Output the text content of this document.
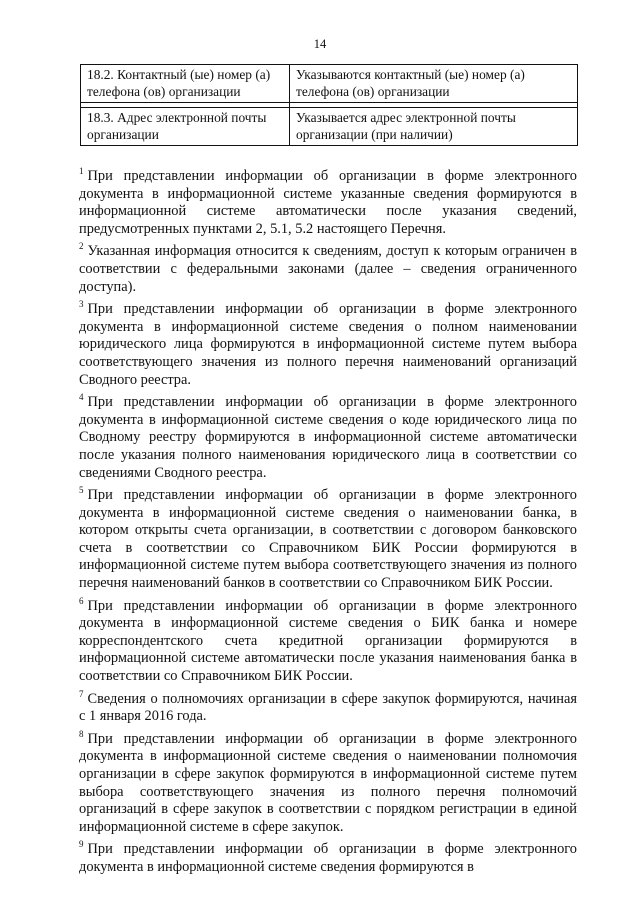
14
18.2. Контактный (ые) номер (а) телефона (ов) организации	Указываются контактный (ые) номер (а) телефона (ов) организации

18.3. Адрес электронной почты организации	Указывается адрес электронной почты организации (при наличии)

$^1$ При представлении информации об организации в форме электронного документа в информационной системе указанные сведения формируются в информационной системе автоматически после указания сведений, предусмотренных пунктами 2, 5.1, 5.2 настоящего Перечня.

$^2$ Указанная информация относится к сведениям, доступ к которым ограничен в соответствии с федеральными законами (далее – сведения ограниченного доступа).

$^3$ При представлении информации об организации в форме электронного документа в информационной системе сведения о полном наименовании юридического лица формируются в информационной системе путем выбора соответствующего значения из полного перечня наименований организаций Сводного реестра.

$^4$ При представлении информации об организации в форме электронного документа в информационной системе сведения о коде юридического лица по Сводному реестру формируются в информационной системе автоматически после указания полного наименования юридического лица в соответствии со сведениями Сводного реестра.

$^5$ При представлении информации об организации в форме электронного документа в информационной системе сведения о наименовании банка, в котором открыты счета организации, в соответствии с договором банковского счета в соответствии со Справочником БИК России формируются в информационной системе путем выбора соответствующего значения из полного перечня наименований банков в соответствии со Справочником БИК России.

$^6$ При представлении информации об организации в форме электронного документа в информационной системе сведения о БИК банка и номере корреспондентского счета кредитной организации формируются в информационной системе автоматически после указания наименования банка в соответствии со Справочником БИК России.

$^7$ Сведения о полномочиях организации в сфере закупок формируются, начиная с 1 января 2016 года.

$^8$ При представлении информации об организации в форме электронного документа в информационной системе сведения о наименовании полномочия организации в сфере закупок формируются в информационной системе путем выбора соответствующего значения из полного перечня полномочий организаций в сфере закупок в соответствии с порядком регистрации в единой информационной системе в сфере закупок.

$^9$ При представлении информации об организации в форме электронного документа в информационной системе сведения формируются в
